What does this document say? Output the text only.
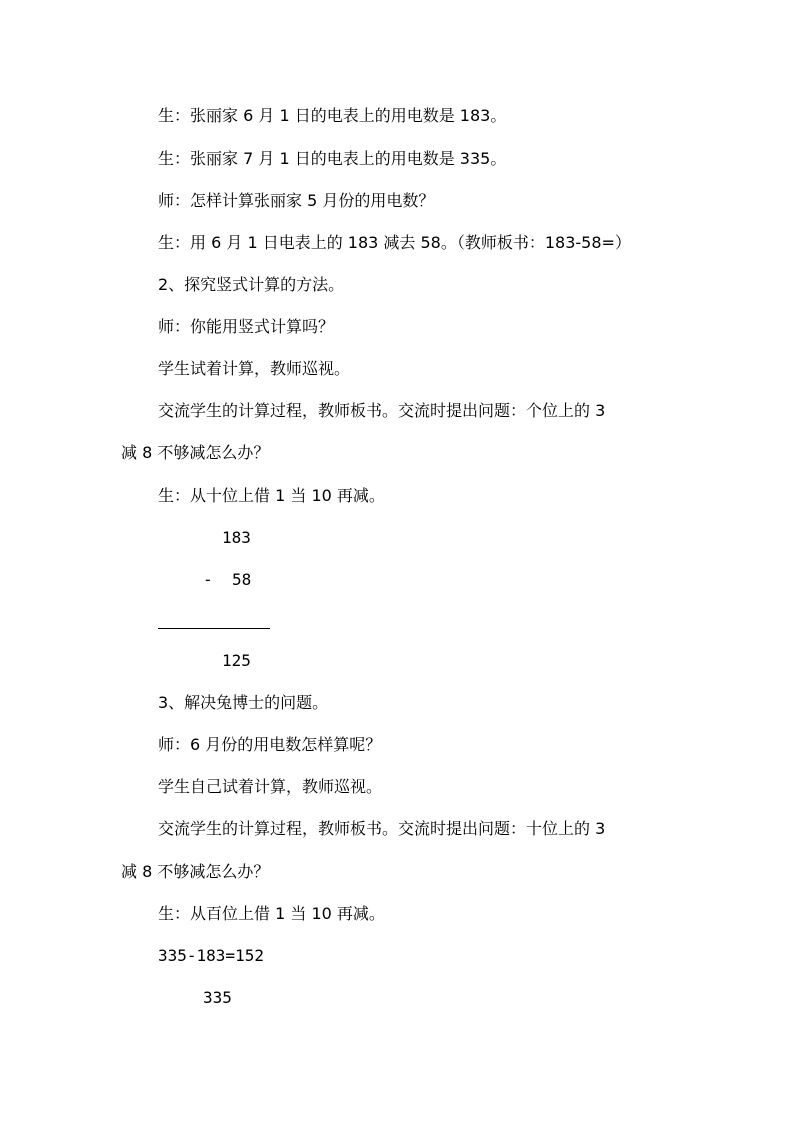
生：张丽家 6 月 1 日的电表上的用电数是 183。
生：张丽家 7 月 1 日的电表上的用电数是 335。
师：怎样计算张丽家 5 月份的用电数？
生：用 6 月 1 日电表上的 183 减去 58。（教师板书：183-58=）
2、探究竖式计算的方法。
师：你能用竖式计算吗？
学生试着计算，教师巡视。
交流学生的计算过程，教师板书。交流时提出问题：个位上的 3
减 8 不够减怎么办？
生：从十位上借 1 当 10 再减。
183
- 58
125
3、解决兔博士的问题。
师：6 月份的用电数怎样算呢？
学生自己试着计算，教师巡视。
交流学生的计算过程，教师板书。交流时提出问题：十位上的 3
减 8 不够减怎么办？
生：从百位上借 1 当 10 再减。
335-183=152
335
